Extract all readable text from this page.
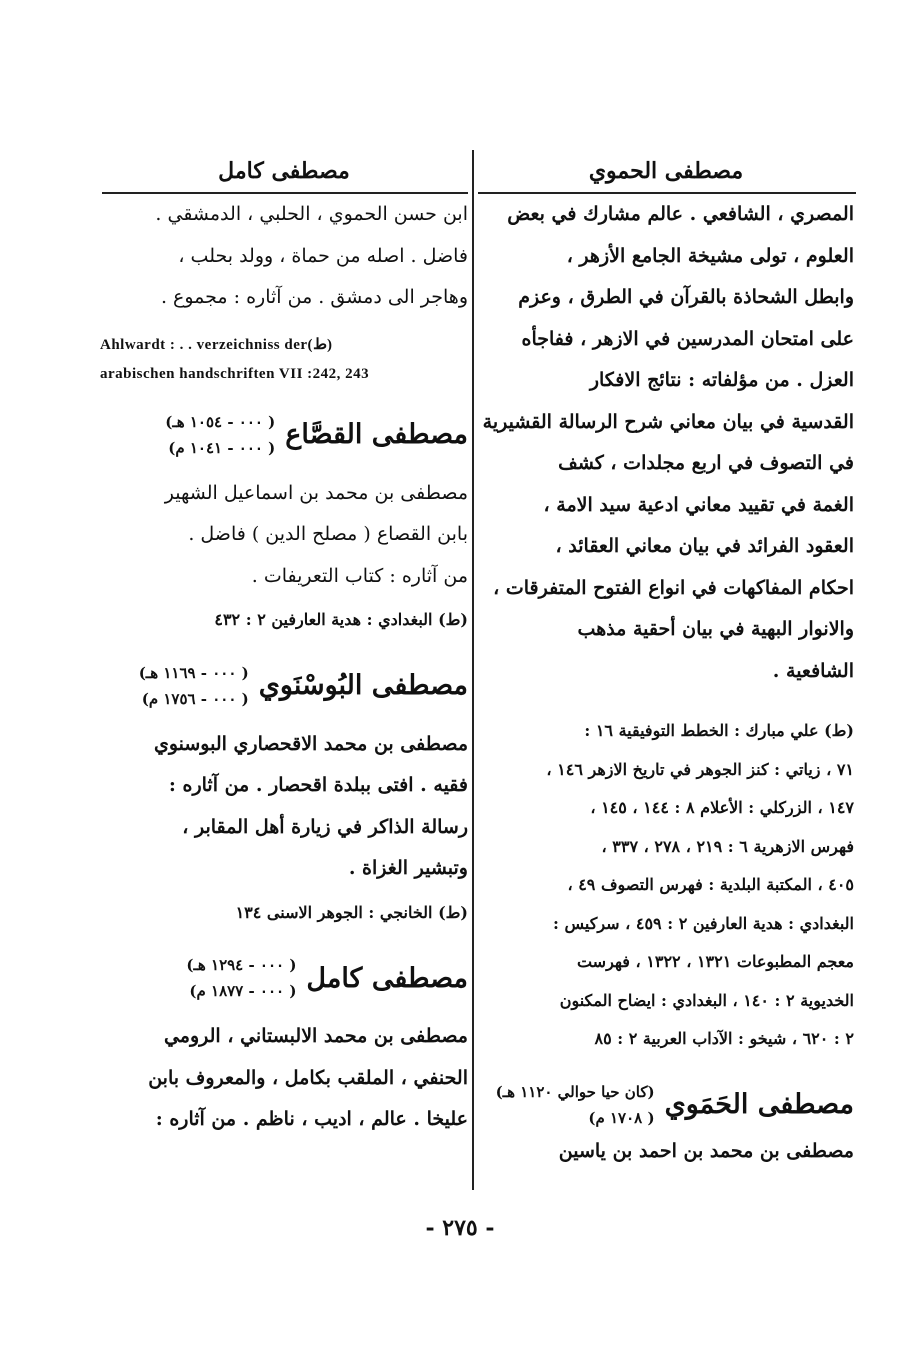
مصطفى الحموي

المصري ، الشافعي . عالم مشارك في بعض

العلوم ، تولى مشيخة الجامع الأزهر ،

وابطل الشحاذة بالقرآن في الطرق ، وعزم

على امتحان المدرسين في الازهر ، ففاجأه

العزل . من مؤلفاته : نتائج الافكار

القدسية في بيان معاني شرح الرسالة القشيرية

في التصوف في اربع مجلدات ، كشف

الغمة في تقييد معاني ادعية سيد الامة ،

العقود الفرائد في بيان معاني العقائد ،

احكام المفاكهات في انواع الفتوح المتفرقات ،

والانوار البهية في بيان أحقية مذهب

الشافعية .

(ط) علي مبارك : الخطط التوفيقية ١٦ :

٧١ ، زياتي : كنز الجوهر في تاريخ الازهر ١٤٦ ،

١٤٧ ، الزركلي : الأعلام ٨ : ١٤٤ ، ١٤٥ ،

فهرس الازهرية ٦ : ٢١٩ ، ٢٧٨ ، ٣٣٧ ،

٤٠٥ ، المكتبة البلدية : فهرس التصوف ٤٩ ،

البغدادي : هدية العارفين ٢ : ٤٥٩ ، سركيس :

معجم المطبوعات ١٣٢١ ، ١٣٢٢ ، فهرست

الخديوية ٢ : ١٤٠ ، البغدادي : ايضاح المكنون

٢ : ٦٢٠ ، شيخو : الآداب العربية ٢ : ٨٥

مصطفى الحَمَوي
(كان حيا حوالي ١١٢٠ هـ)
( ١٧٠٨ م)

مصطفى بن محمد بن احمد بن ياسين

مصطفى كامل

ابن حسن الحموي ، الحلبي ، الدمشقي .

فاضل . اصله من حماة ، وولد بحلب ،

وهاجر الى دمشق . من آثاره : مجموع .

Ahlwardt : . . verzeichniss der(ط)
arabischen handschriften VII :242, 243
مصطفى القصَّاع
( ٠٠٠ - ١٠٥٤ هـ)
( ٠٠٠ - ١٠٤١ م)

مصطفى بن محمد بن اسماعيل الشهير

بابن القصاع ( مصلح الدين ) فاضل .

من آثاره : كتاب التعريفات .

(ط) البغدادي : هدية العارفين ٢ : ٤٣٢

مصطفى البُوسْنَوي
( ٠٠٠ - ١١٦٩ هـ)
( ٠٠٠ - ١٧٥٦ م)

مصطفى بن محمد الاقحصاري البوسنوي

فقيه . افتى ببلدة اقحصار . من آثاره :

رسالة الذاكر في زيارة أهل المقابر ،

وتبشير الغزاة .

(ط) الخانجي : الجوهر الاسنى ١٣٤

مصطفى كامل
( ٠٠٠ - ١٢٩٤ هـ)
( ٠٠٠ - ١٨٧٧ م)

مصطفى بن محمد الالبستاني ، الرومي

الحنفي ، الملقب بكامل ، والمعروف بابن

عليخا . عالم ، اديب ، ناظم . من آثاره :

- ٢٧٥ -
